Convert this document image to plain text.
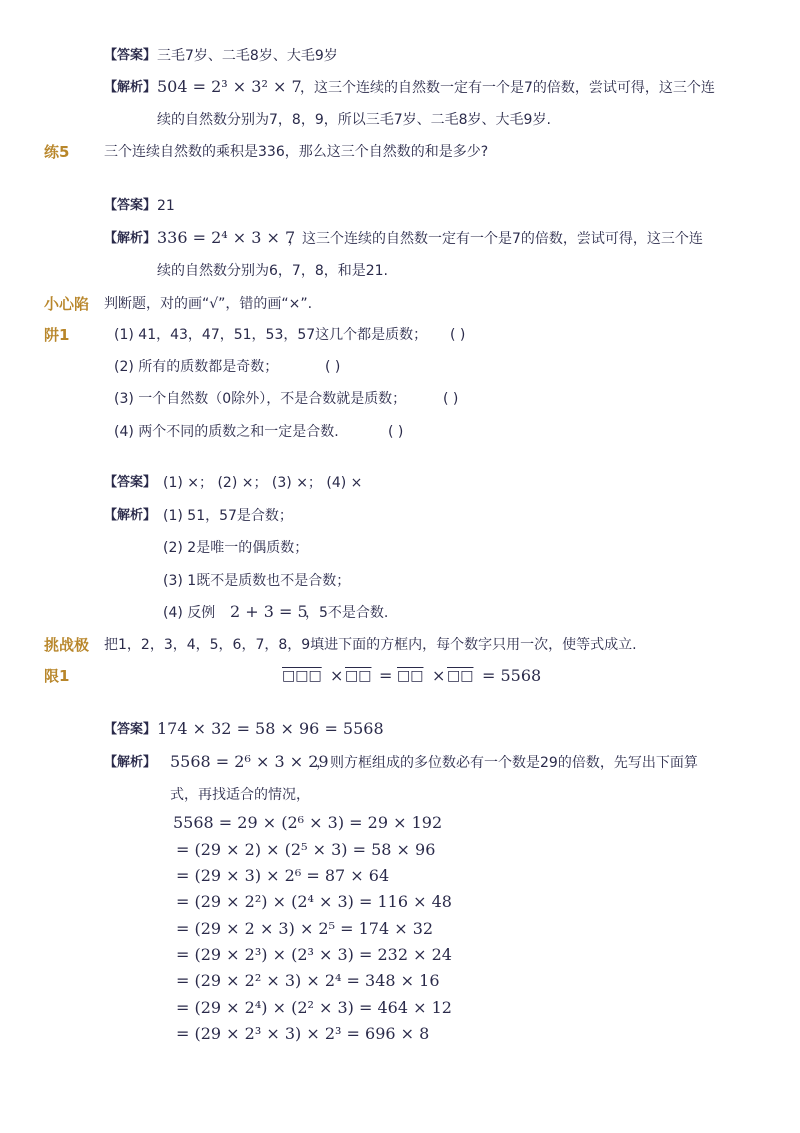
【答案】 三毛7岁、二毛8岁、大毛9岁
【解析】 504 = 2³ × 3² × 7
，这三个连续的自然数一定有一个是7的倍数，尝试可得，这三个连
续的自然数分别为7，8，9，所以三毛7岁、二毛8岁、大毛9岁.
练5 三个连续自然数的乘积是336，那么这三个自然数的和是多少?
【答案】 21
【解析】 336 = 2⁴ × 3 × 7
，这三个连续的自然数一定有一个是7的倍数，尝试可得，这三个连
续的自然数分别为6，7，8，和是21.
小心陷
阱1
判断题，对的画“√”，错的画“×”.
(1) 41，43，47，51，53，57这几个都是质数； ( )
(2) 所有的质数都是奇数；	( )
(3) 一个自然数（0除外），不是合数就是质数；	( )
(4) 两个不同的质数之和一定是合数.	( )
【答案】 (1) ×； (2) ×； (3) ×； (4) ×
【解析】 (1) 51，57是合数；
(2) 2是唯一的偶质数；
(3) 1既不是质数也不是合数；
(4) 反例 2 + 3 = 5
，5不是合数.
挑战极
限1
把1，2，3，4，5，6，7，8，9填进下面的方框内，每个数字只用一次，使等式成立.
□□□ × □□ = □□ × □□ = 5568
【答案】 174 × 32 = 58 × 96 = 5568
【解析】 5568 = 2⁶ × 3 × 29
，则方框组成的多位数必有一个数是29的倍数，先写出下面算
式，再找适合的情况，
5568 = 29 × (2⁶ × 3) = 29 × 192
= (29 × 2) × (2⁵ × 3) = 58 × 96
= (29 × 3) × 2⁶ = 87 × 64
= (29 × 2²) × (2⁴ × 3) = 116 × 48
= (29 × 2 × 3) × 2⁵ = 174 × 32
= (29 × 2³) × (2³ × 3) = 232 × 24
= (29 × 2² × 3) × 2⁴ = 348 × 16
= (29 × 2⁴) × (2² × 3) = 464 × 12
= (29 × 2³ × 3) × 2³ = 696 × 8
